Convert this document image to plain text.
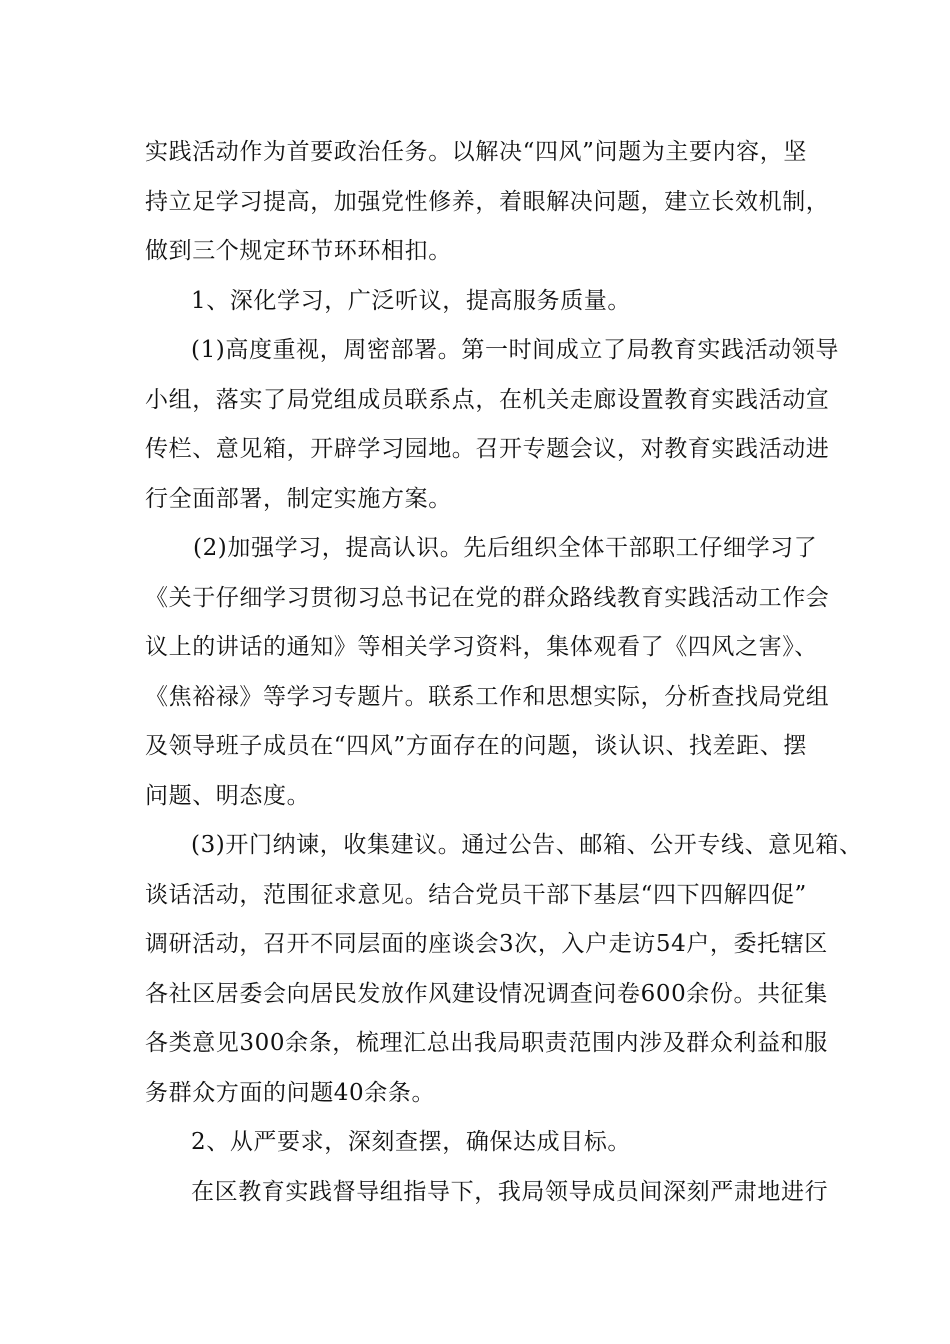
实践活动作为首要政治任务。以解决“四风”问题为主要内容，坚
持立足学习提高，加强党性修养，着眼解决问题，建立长效机制，
做到三个规定环节环环相扣。
1、深化学习，广泛听议，提高服务质量。
(1)高度重视，周密部署。第一时间成立了局教育实践活动领导
小组，落实了局党组成员联系点，在机关走廊设置教育实践活动宣
传栏、意见箱，开辟学习园地。召开专题会议，对教育实践活动进
行全面部署，制定实施方案。
(2)加强学习，提高认识。先后组织全体干部职工仔细学习了
《关于仔细学习贯彻习总书记在党的群众路线教育实践活动工作会
议上的讲话的通知》等相关学习资料，集体观看了《四风之害》、
《焦裕禄》等学习专题片。联系工作和思想实际，分析查找局党组
及领导班子成员在“四风”方面存在的问题，谈认识、找差距、摆
问题、明态度。
(3)开门纳谏，收集建议。通过公告、邮箱、公开专线、意见箱、
谈话活动，范围征求意见。结合党员干部下基层“四下四解四促”
调研活动，召开不同层面的座谈会3次，入户走访54户，委托辖区
各社区居委会向居民发放作风建设情况调查问卷600余份。共征集
各类意见300余条，梳理汇总出我局职责范围内涉及群众利益和服
务群众方面的问题40余条。
2、从严要求，深刻查摆，确保达成目标。
在区教育实践督导组指导下，我局领导成员间深刻严肃地进行
